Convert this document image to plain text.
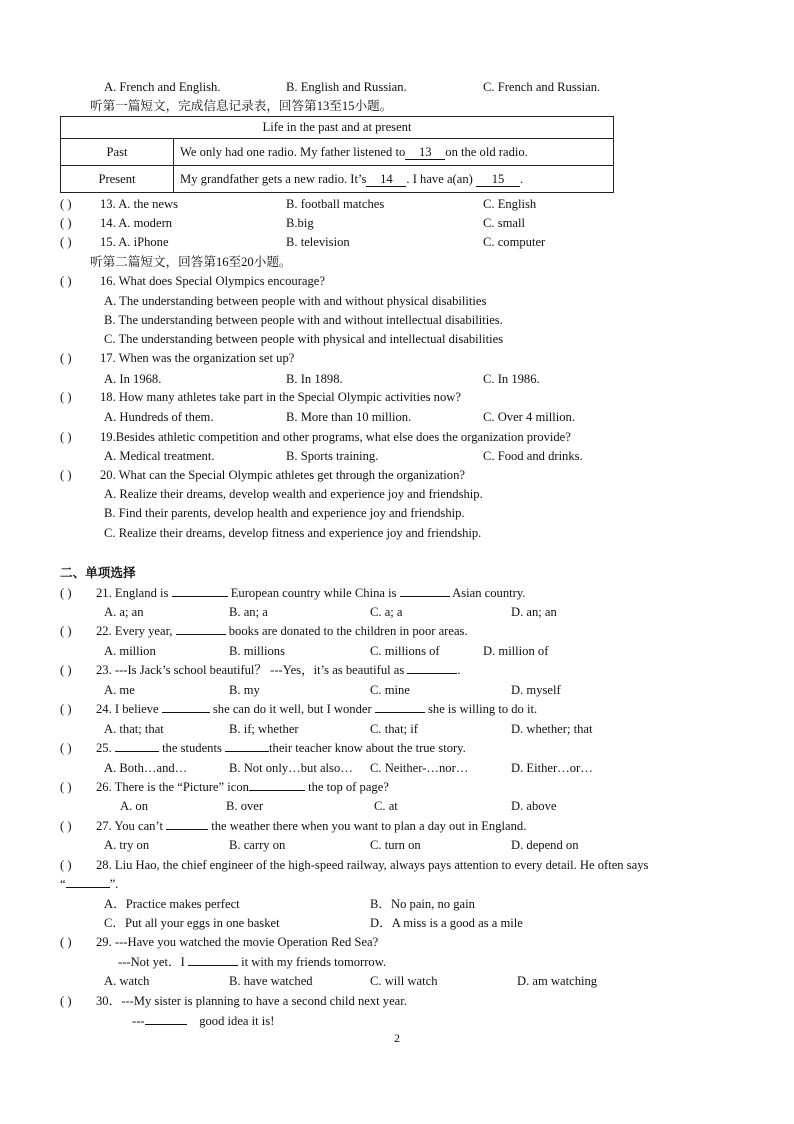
A. French and English.	B. English and Russian.	C. French and Russian.
听第一篇短文，完成信息记录表，回答第13至15小题。
Life in the past and at present	
Past	We only had one radio. My father listened to 13 on the old radio.
Present	My grandfather gets a new radio. It’s 14 . I have a(an) 15 .
( ) 13. A. the news	B. football matches	C. English
( ) 14. A. modern	B.big	C. small
( ) 15. A. iPhone	B. television	C. computer
听第二篇短文，回答第16至20小题。
( ) 16. What does Special Olympics encourage?
A. The understanding between people with and without physical disabilities
B. The understanding between people with and without intellectual disabilities.
C. The understanding between people with physical and intellectual disabilities
( ) 17. When was the organization set up?
A. In 1968.	B. In 1898.	C. In 1986.
( ) 18. How many athletes take part in the Special Olympic activities now?
A. Hundreds of them.	B. More than 10 million.	C. Over 4 million.
( ) 19.Besides athletic competition and other programs, what else does the organization provide?
A. Medical treatment.	B. Sports training.	C. Food and drinks.
( ) 20. What can the Special Olympic athletes get through the organization?
A. Realize their dreams, develop wealth and experience joy and friendship.
B. Find their parents, develop health and experience joy and friendship.
C. Realize their dreams, develop fitness and experience joy and friendship.
二、单项选择
( ) 21. England is	European country while China is	Asian country.
A. a; an	B. an; a	C. a; a	D. an; an
( ) 22. Every year,	books are donated to the children in poor areas.
A. million	B. millions	C. millions of	D. million of
( ) 23. ---Is Jack’s school beautiful？ ---Yes，it’s as beautiful as	.
A. me	B. my	C. mine	D. myself
( ) 24. I believe	she can do it well, but I wonder	she is willing to do it.
A. that; that	B. if; whether	C. that; if	D. whether; that
( ) 25.	the students	their teacher know about the true story.
A. Both…and…	B. Not only…but also… C. Neither-…nor…	D. Either…or…
( ) 26. There is the “Picture” icon	the top of page?
A. on	B. over	C. at	D. above
( ) 27. You can’t	the weather there when you want to plan a day out in England.
A. try on	B. carry on	C. turn on	D. depend on
( ) 28. Liu Hao, the chief engineer of the high-speed railway, always pays attention to every detail. He often says
“	”.
A．Practice makes perfect	B．No pain, no gain
C．Put all your eggs in one basket	D．A miss is a good as a mile
( ) 29. ---Have you watched the movie Operation Red Sea?
---Not yet．I	it with my friends tomorrow.
A. watch	B. have watched	C. will watch	D. am watching
( ) 30．---My sister is planning to have a second child next year.
---	good idea it is!
2
